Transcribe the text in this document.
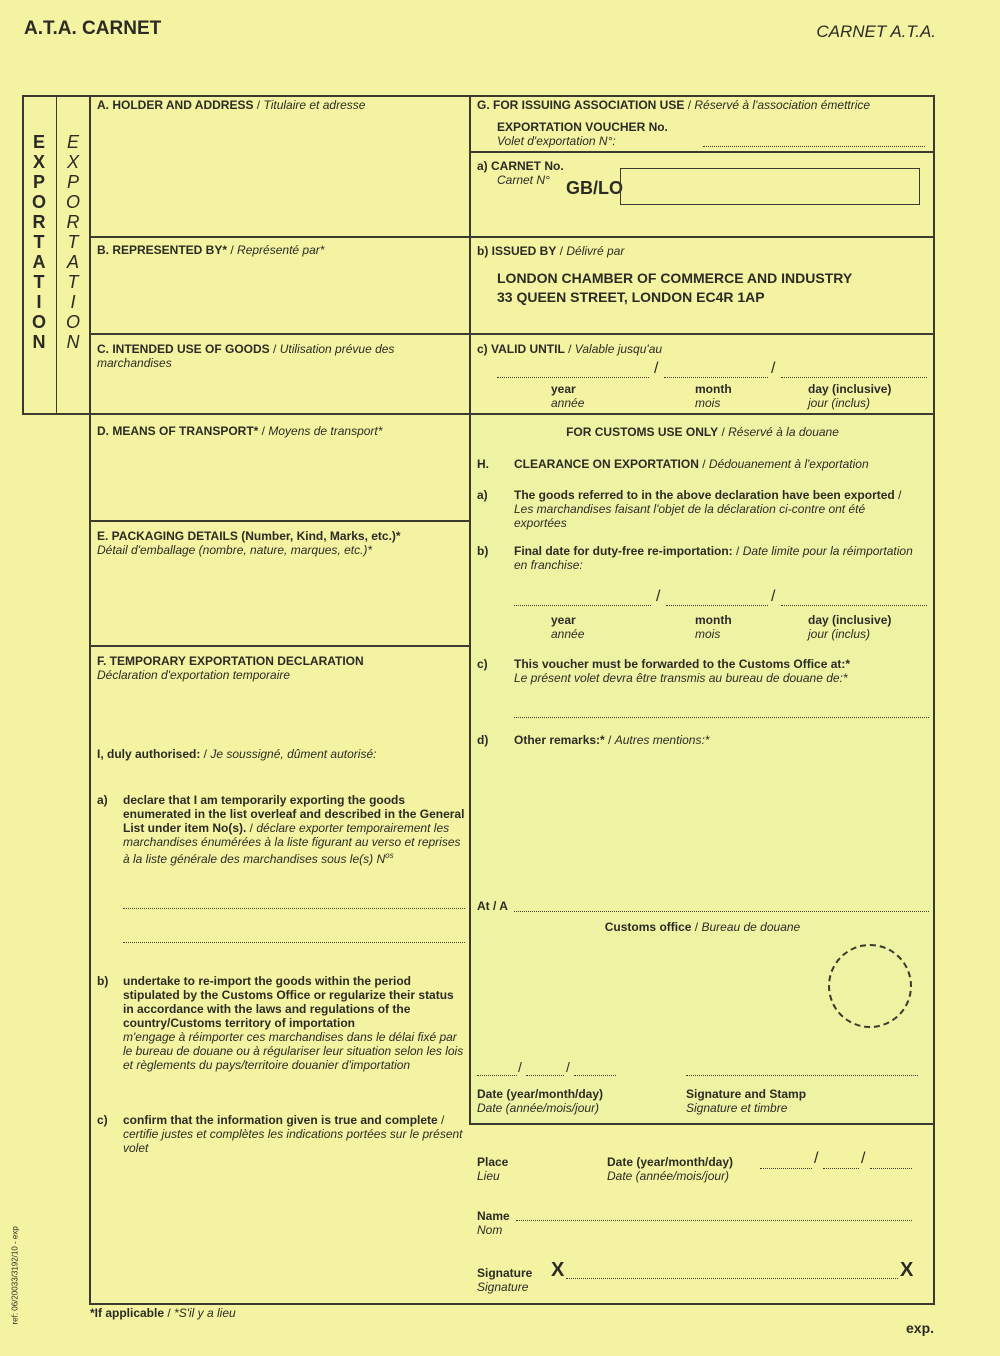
A.T.A. CARNET	CARNET A.T.A.
E
X
P
O
R
T
A
T
I
O
N
E
X
P
O
R
T
A
T
I
O
N
ref: 06/20033/3192/10 - exp
A. HOLDER AND ADDRESS / Titulaire et adresse
B. REPRESENTED BY* / Représenté par*
C. INTENDED USE OF GOODS / Utilisation prévue des marchandises
D. MEANS OF TRANSPORT* / Moyens de transport*
E. PACKAGING DETAILS (Number, Kind, Marks, etc.)*
Détail d'emballage (nombre, nature, marques, etc.)*
F. TEMPORARY EXPORTATION DECLARATION
Déclaration d'exportation temporaire
I, duly authorised: / Je soussigné, dûment autorisé:
a) declare that I am temporarily exporting the goods enumerated in the list overleaf and described in the General List under item No(s). / déclare exporter temporairement les marchandises énumérées à la liste figurant au verso et reprises à la liste générale des marchandises sous le(s) $N^{os}$
b) undertake to re-import the goods within the period stipulated by the Customs Office or regularize their status in accordance with the laws and regulations of the country/Customs territory of importation
m'engage à réimporter ces marchandises dans le délai fixé par le bureau de douane ou à régulariser leur situation selon les lois et règlements du pays/territoire douanier d'importation
c) confirm that the information given is true and complete / certifie justes et complètes les indications portées sur le présent volet
G. FOR ISSUING ASSOCIATION USE / Réservé à l'association émettrice
EXPORTATION VOUCHER No.
Volet d'exportation N°:
a) CARNET No.
Carnet N° GB/LO
b) ISSUED BY / Délivré par
LONDON CHAMBER OF COMMERCE AND INDUSTRY
33 QUEEN STREET, LONDON EC4R 1AP
c) VALID UNTIL / Valable jusqu'au
/	/
year
année
month
mois
day (inclusive)
jour (inclus)
FOR CUSTOMS USE ONLY / Réservé à la douane
H. CLEARANCE ON EXPORTATION / Dédouanement à l'exportation
a) The goods referred to in the above declaration have been exported / Les marchandises faisant l'objet de la déclaration ci-contre ont été exportées
b) Final date for duty-free re-importation: / Date limite pour la réimportation en franchise:
/	/
year
année
month
mois
day (inclusive)
jour (inclus)
c) This voucher must be forwarded to the Customs Office at:*
Le présent volet devra être transmis au bureau de douane de:*
d) Other remarks:* / Autres mentions:*
At / A
Customs office / Bureau de douane
/	/
Date (year/month/day)
Date (année/mois/jour)
Signature and Stamp
Signature et timbre
Place
Lieu
Date (year/month/day)
Date (année/mois/jour)
/	/
Name
Nom
Signature
Signature
X	X
*If applicable / *S'il y a lieu
exp.
